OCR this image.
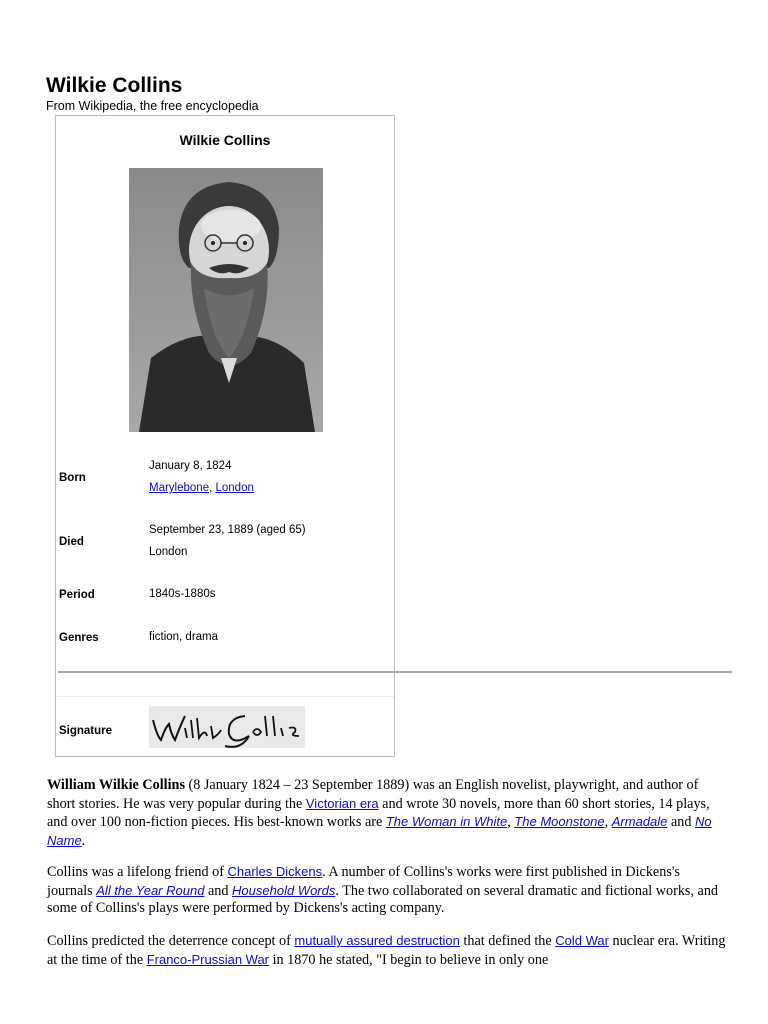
Wilkie Collins
From Wikipedia, the free encyclopedia
Wilkie Collins
Born
January 8, 1824
Marylebone, London
Died
September 23, 1889 (aged 65)
London
Period	1840s-1880s
Genres	fiction, drama
Signature

William Wilkie Collins (8 January 1824 – 23 September 1889) was an English novelist, playwright, and author of short stories. He was very popular during the Victorian era and wrote 30 novels, more than 60 short stories, 14 plays, and over 100 non-fiction pieces. His best-known works are The Woman in White, The Moonstone, Armadale and No Name.

Collins was a lifelong friend of Charles Dickens. A number of Collins's works were first published in Dickens's journals All the Year Round and Household Words. The two collaborated on several dramatic and fictional works, and some of Collins's plays were performed by Dickens's acting company.

Collins predicted the deterrence concept of mutually assured destruction that defined the Cold War nuclear era. Writing at the time of the Franco-Prussian War in 1870 he stated, "I begin to believe in only one
